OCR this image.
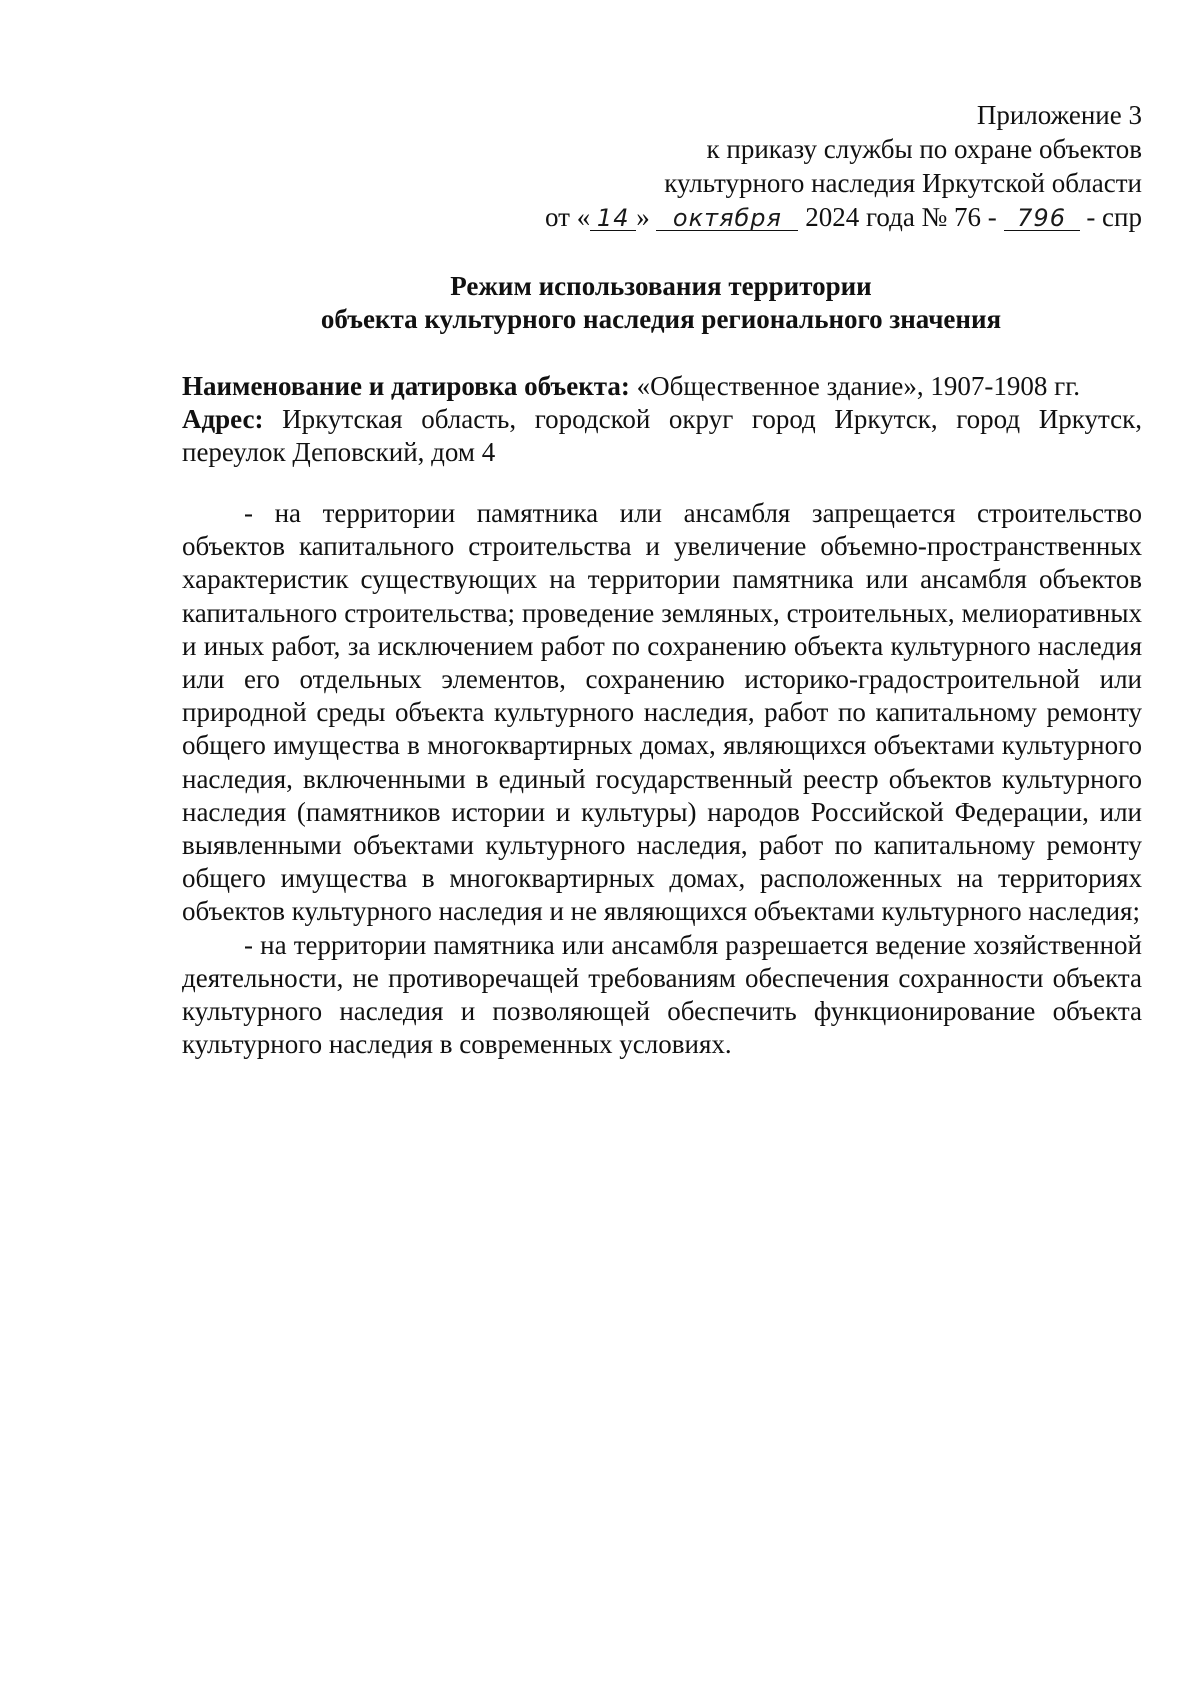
Приложение 3
к приказу службы по охране объектов
культурного наследия Иркутской области
от « 14 » октября 2024 года № 76 - 796 - спр
Режим использования территории
объекта культурного наследия регионального значения
Наименование и датировка объекта: «Общественное здание», 1907-1908 гг.
Адрес: Иркутская область, городской округ город Иркутск, город Иркутск, переулок Деповский, дом 4

- на территории памятника или ансамбля запрещается строительство объектов капитального строительства и увеличение объемно-пространственных характеристик существующих на территории памятника или ансамбля объектов капитального строительства; проведение земляных, строительных, мелиоративных и иных работ, за исключением работ по сохранению объекта культурного наследия или его отдельных элементов, сохранению историко-градостроительной или природной среды объекта культурного наследия, работ по капитальному ремонту общего имущества в многоквартирных домах, являющихся объектами культурного наследия, включенными в единый государственный реестр объектов культурного наследия (памятников истории и культуры) народов Российской Федерации, или выявленными объектами культурного наследия, работ по капитальному ремонту общего имущества в многоквартирных домах, расположенных на территориях объектов культурного наследия и не являющихся объектами культурного наследия;

- на территории памятника или ансамбля разрешается ведение хозяйственной деятельности, не противоречащей требованиям обеспечения сохранности объекта культурного наследия и позволяющей обеспечить функционирование объекта культурного наследия в современных условиях.
